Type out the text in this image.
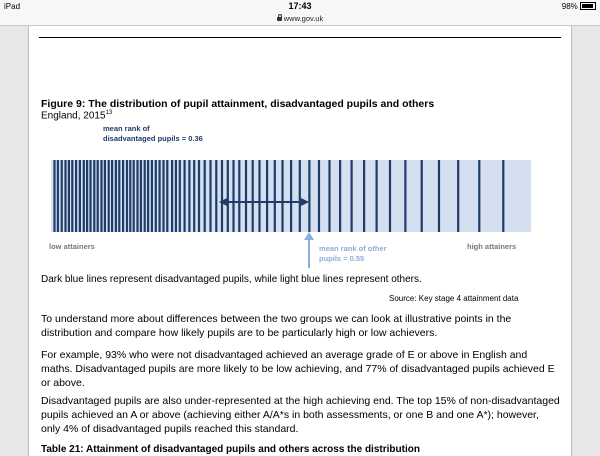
iPad	17:43	98%
www.gov.uk
Figure 9: The distribution of pupil attainment, disadvantaged pupils and others
England, 2015$^{13}$
mean rank of
disadvantaged pupils = 0.36
low attainers	high attainers
mean rank of other
pupils = 0.55
Dark blue lines represent disadvantaged pupils, while light blue lines represent others.
Source: Key stage 4 attainment data

To understand more about differences between the two groups we can look at illustrative points in the distribution and compare how likely pupils are to be particularly high or low achievers.

For example, 93% who were not disadvantaged achieved an average grade of E or above in English and maths. Disadvantaged pupils are more likely to be low achieving, and 77% of disadvantaged pupils achieved E or above.

Disadvantaged pupils are also under-represented at the high achieving end. The top 15% of non-disadvantaged pupils achieved an A or above (achieving either A/A*s in both assessments, or one B and one A*); however, only 4% of disadvantaged pupils reached this standard.

Table 21: Attainment of disadvantaged pupils and others across the distribution
